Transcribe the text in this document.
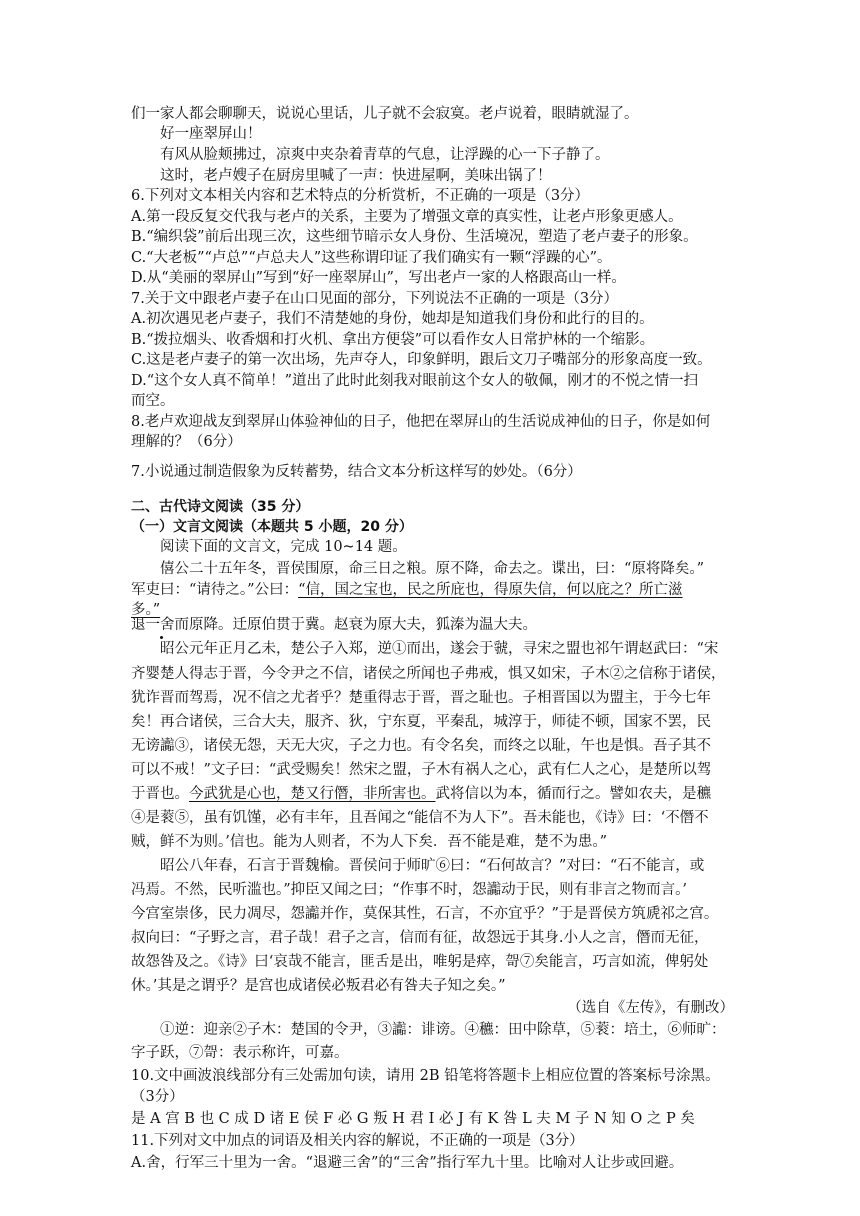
们一家人都会聊聊天，说说心里话，儿子就不会寂寞。老卢说着，眼睛就湿了。
好一座翠屏山！
有风从脸颊拂过，凉爽中夹杂着青草的气息，让浮躁的心一下子静了。
这时，老卢嫂子在厨房里喊了一声：快进屋啊，美味出锅了！
6.下列对文本相关内容和艺术特点的分析赏析，不正确的一项是（3分）
A.第一段反复交代我与老卢的关系，主要为了增强文章的真实性，让老卢形象更感人。
B.“编织袋”前后出现三次，这些细节暗示女人身份、生活境况，塑造了老卢妻子的形象。
C.“大老板”“卢总”“卢总夫人”这些称谓印证了我们确实有一颗“浮躁的心”。
D.从“美丽的翠屏山”写到“好一座翠屏山”，写出老卢一家的人格跟高山一样。
7.关于文中跟老卢妻子在山口见面的部分，下列说法不正确的一项是（3分）
A.初次遇见老卢妻子，我们不清楚她的身份，她却是知道我们身份和此行的目的。
B.“拨拉烟头、收香烟和打火机、拿出方便袋”可以看作女人日常护林的一个缩影。
C.这是老卢妻子的第一次出场，先声夺人，印象鲜明，跟后文刀子嘴部分的形象高度一致。
D.“这个女人真不简单！”道出了此时此刻我对眼前这个女人的敬佩，刚才的不悦之情一扫
而空。
8.老卢欢迎战友到翠屏山体验神仙的日子，他把在翠屏山的生活说成神仙的日子，你是如何
理解的？（6分）
7.小说通过制造假象为反转蓄势，结合文本分析这样写的妙处。（6分）
二、古代诗文阅读（35 分）
（一）文言文阅读（本题共 5 小题，20 分）
阅读下面的文言文，完成 10~14 题。
僖公二十五年冬，晋侯围原，命三日之粮。原不降，命去之。谍出，曰：“原将降矣。”
军吏曰：“请待之。”公曰：“信，国之宝也，民之所庇也，得原失信，何以庇之？所亡滋
多。”
退一舍而原降。迁原伯贯于冀。赵衰为原大夫，狐溱为温大夫。
昭公元年正月乙未，楚公子入郑，逆①而出，遂会于虢，寻宋之盟也祁午谓赵武曰：“宋
齐婴楚人得志于晋，今令尹之不信，诸侯之所闻也子弗戒，惧又如宋，子木②之信称于诸侯，
犹诈晋而驾焉，况不信之尤者乎？楚重得志于晋，晋之耻也。子相晋国以为盟主，于今七年
矣！再合诸侯，三合大夫，服齐、狄，宁东夏，平秦乱，城淳于，师徒不顿，国家不罢，民
无谤讟③，诸侯无怨，天无大灾，子之力也。有令名矣，而终之以耻，午也是惧。吾子其不
可以不戒！”文子曰：“武受赐矣！然宋之盟，子木有祸人之心，武有仁人之心，是楚所以驾
于晋也。今武犹是心也，楚又行僭，非所害也。武将信以为本，循而行之。譬如农夫，是穮
④是蓘⑤，虽有饥馑，必有丰年，且吾闻之“能信不为人下”。吾未能也，《诗》曰：‘不僭不
贼，鲜不为则。’信也。能为人则者，不为人下矣．吾不能是难，楚不为患。”
昭公八年春，石言于晋魏榆。晋侯问于师旷⑥曰：“石何故言？”对曰：“石不能言，或
冯焉。不然，民听滥也。”抑臣又闻之曰；“作事不时，怨讟动于民，则有非言之物而言。’
今宫室崇侈，民力凋尽，怨讟并作，莫保其性，石言，不亦宜乎？”于是晋侯方筑虒祁之宫。
叔向曰：“子野之言，君子哉！君子之言，信而有征，故怨远于其身.小人之言，僭而无征，
故怨咎及之。《诗》曰‘哀哉不能言，匪舌是出，唯躬是瘁，哿⑦矣能言，巧言如流，俾躬处
休。’其是之谓乎？是宫也成诸侯必叛君必有咎夫子知之矣。”
（选自《左传》，有删改）
①逆：迎亲②子木：楚国的令尹，③讟：诽谤。④穮：田中除草，⑤蓘：培土，⑥师旷：
字子跃，⑦哿：表示称许，可嘉。
10.文中画波浪线部分有三处需加句读，请用 2B 铅笔将答题卡上相应位置的答案标号涂黑。
（3分）
是 A 宫 B 也 C 成 D 诸 E 侯 F 必 G 叛 H 君 I 必 J 有 K 咎 L 夫 M 子 N 知 O 之 P 矣
11.下列对文中加点的词语及相关内容的解说，不正确的一项是（3分）
A.舍，行军三十里为一舍。“退避三舍”的“三舍”指行军九十里。比喻对人让步或回避。
